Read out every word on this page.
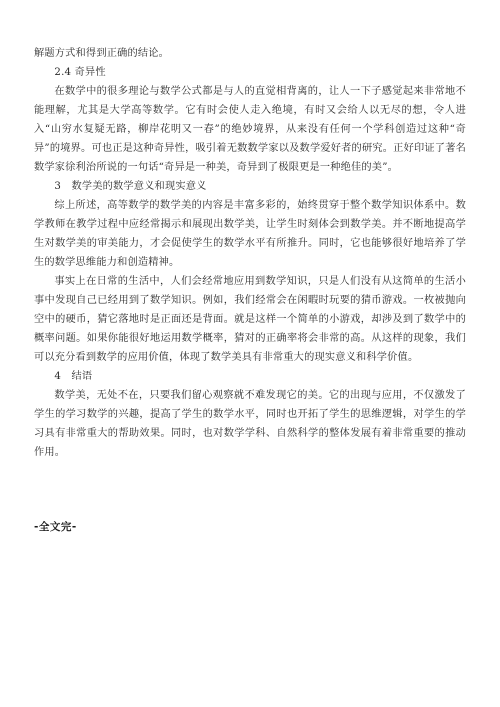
解题方式和得到正确的结论。

2.4 奇异性

在数学中的很多理论与数学公式都是与人的直觉相背离的，让人一下子感觉起来非常地不能理解，尤其是大学高等数学。它有时会使人走入绝境，有时又会给人以无尽的想，令人进入“山穷水复疑无路，柳岸花明又一春”的绝妙境界，从来没有任何一个学科创造过这种“奇异”的境界。可也正是这种奇异性，吸引着无数数学家以及数学爱好者的研究。正好印证了著名数学家徐利治所说的一句话“奇异是一种美，奇异到了极限更是一种绝佳的美”。

3　数学美的数学意义和现实意义

综上所述，高等数学的数学美的内容是丰富多彩的，始终贯穿于整个数学知识体系中。数学教师在教学过程中应经常揭示和展现出数学美，让学生时刻体会到数学美。并不断地提高学生对数学美的审美能力，才会促使学生的数学水平有所推升。同时，它也能够很好地培养了学生的数学思维能力和创造精神。

事实上在日常的生活中，人们会经常地应用到数学知识，只是人们没有从这简单的生活小事中发现自己已经用到了数学知识。例如，我们经常会在闲暇时玩要的猜币游戏。一枚被抛向空中的硬币，猜它落地时是正面还是背面。就是这样一个简单的小游戏，却涉及到了数学中的概率问题。如果你能很好地运用数学概率，猜对的正确率将会非常的高。从这样的现象，我们可以充分看到数学的应用价值，体现了数学美具有非常重大的现实意义和科学价值。

4　结语

数学美，无处不在，只要我们留心观察就不难发现它的美。它的出现与应用，不仅激发了学生的学习数学的兴趣，提高了学生的数学水平，同时也开拓了学生的思维逻辑，对学生的学习具有非常重大的帮助效果。同时，也对数学学科、自然科学的整体发展有着非常重要的推动作用。

-全文完-
